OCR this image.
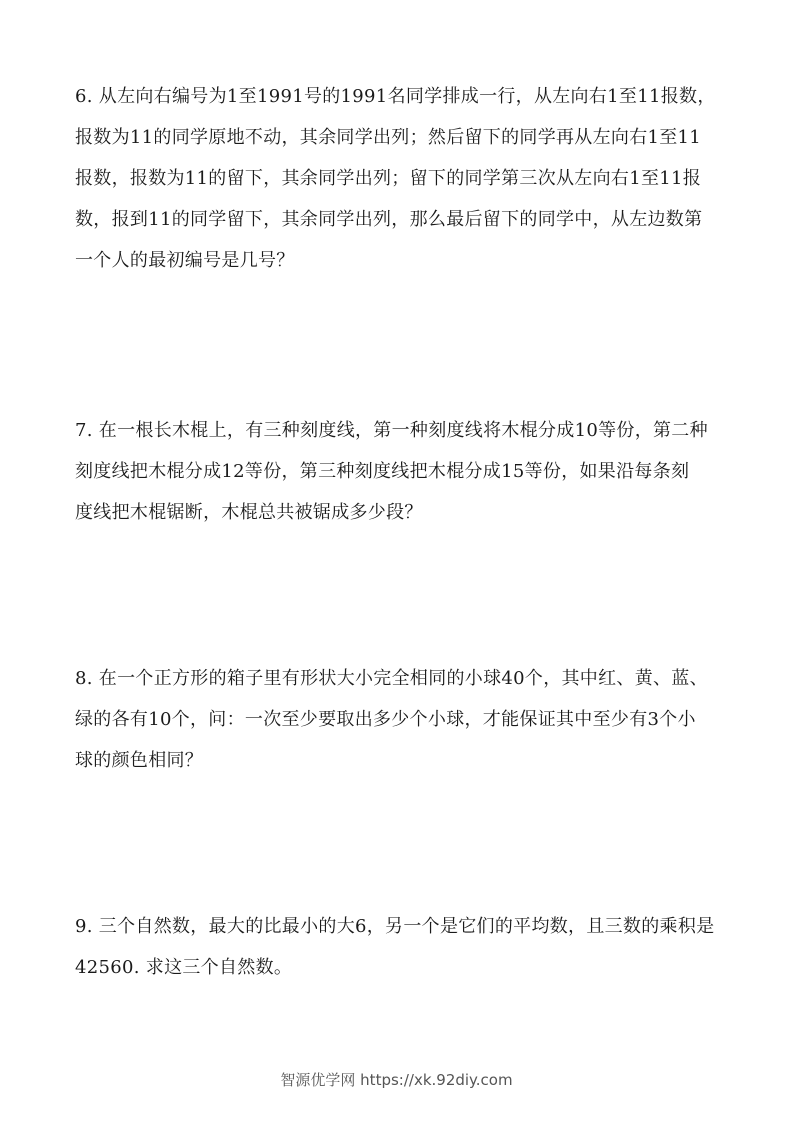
6. 从左向右编号为1至1991号的1991名同学排成一行，从左向右1至11报数，

报数为11的同学原地不动，其余同学出列；然后留下的同学再从左向右1至11

报数，报数为11的留下，其余同学出列；留下的同学第三次从左向右1至11报

数，报到11的同学留下，其余同学出列，那么最后留下的同学中，从左边数第

一个人的最初编号是几号？

7. 在一根长木棍上，有三种刻度线，第一种刻度线将木棍分成10等份，第二种

刻度线把木棍分成12等份，第三种刻度线把木棍分成15等份，如果沿每条刻

度线把木棍锯断，木棍总共被锯成多少段？

8. 在一个正方形的箱子里有形状大小完全相同的小球40个，其中红、黄、蓝、

绿的各有10个，问：一次至少要取出多少个小球，才能保证其中至少有3个小

球的颜色相同？

9. 三个自然数，最大的比最小的大6，另一个是它们的平均数，且三数的乘积是

42560. 求这三个自然数。

智源优学网 https://xk.92diy.com
